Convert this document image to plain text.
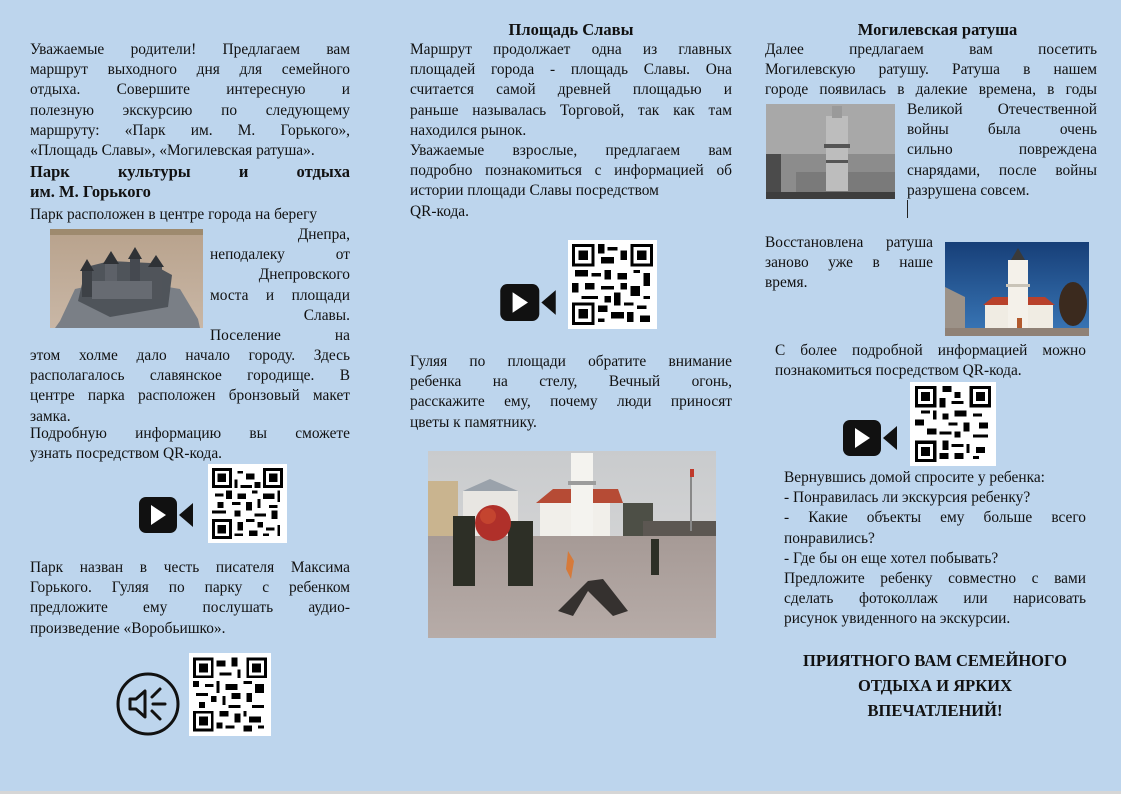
Уважаемые родители! Предлагаем вам
маршрут выходного дня для семейного
отдыха. Совершите интересную и
полезную экскурсию по следующему
маршруту: «Парк им. М. Горького»,
«Площадь Славы», «Могилевская ратуша».
Парк культуры и отдыха
им. М. Горького
Парк расположен в центре города на берегу
Днепра,
неподалеку от
Днепровского
моста и площади
Славы.
Поселение на
этом холме дало начало городу. Здесь
располагалось славянское городище. В
центре парка расположен бронзовый макет
замка.
Подробную информацию вы сможете
узнать посредством QR-кода.
Парк назван в честь писателя Максима
Горького. Гуляя по парку с ребенком
предложите ему послушать аудио-
произведение «Воробьишко».
Площадь Славы
Маршрут продолжает одна из главных
площадей города - площадь Славы. Она
считается самой древней площадью и
раньше называлась Торговой, так как там
находился рынок.
Уважаемые взрослые, предлагаем вам
подробно познакомиться с информацией об
истории площади Славы посредством
QR-кода.
Гуляя по площади обратите внимание
ребенка на стелу, Вечный огонь,
расскажите ему, почему люди приносят
цветы к памятнику.
Могилевская ратуша
Далее предлагаем вам посетить
Могилевскую ратушу. Ратуша в нашем
городе появилась в далекие времена, в годы
Великой Отечественной
войны была очень
сильно повреждена
снарядами, после войны
разрушена совсем.
Восстановлена ратуша
заново уже в наше
время.
С более подробной информацией можно
познакомиться посредством QR-кода.
Вернувшись домой спросите у ребенка:
- Понравилась ли экскурсия ребенку?
- Какие объекты ему больше всего
понравились?
- Где бы он еще хотел побывать?
Предложите ребенку совместно с вами
сделать фотоколлаж или нарисовать
рисунок увиденного на экскурсии.
ПРИЯТНОГО ВАМ СЕМЕЙНОГО
ОТДЫХА И ЯРКИХ
ВПЕЧАТЛЕНИЙ!
